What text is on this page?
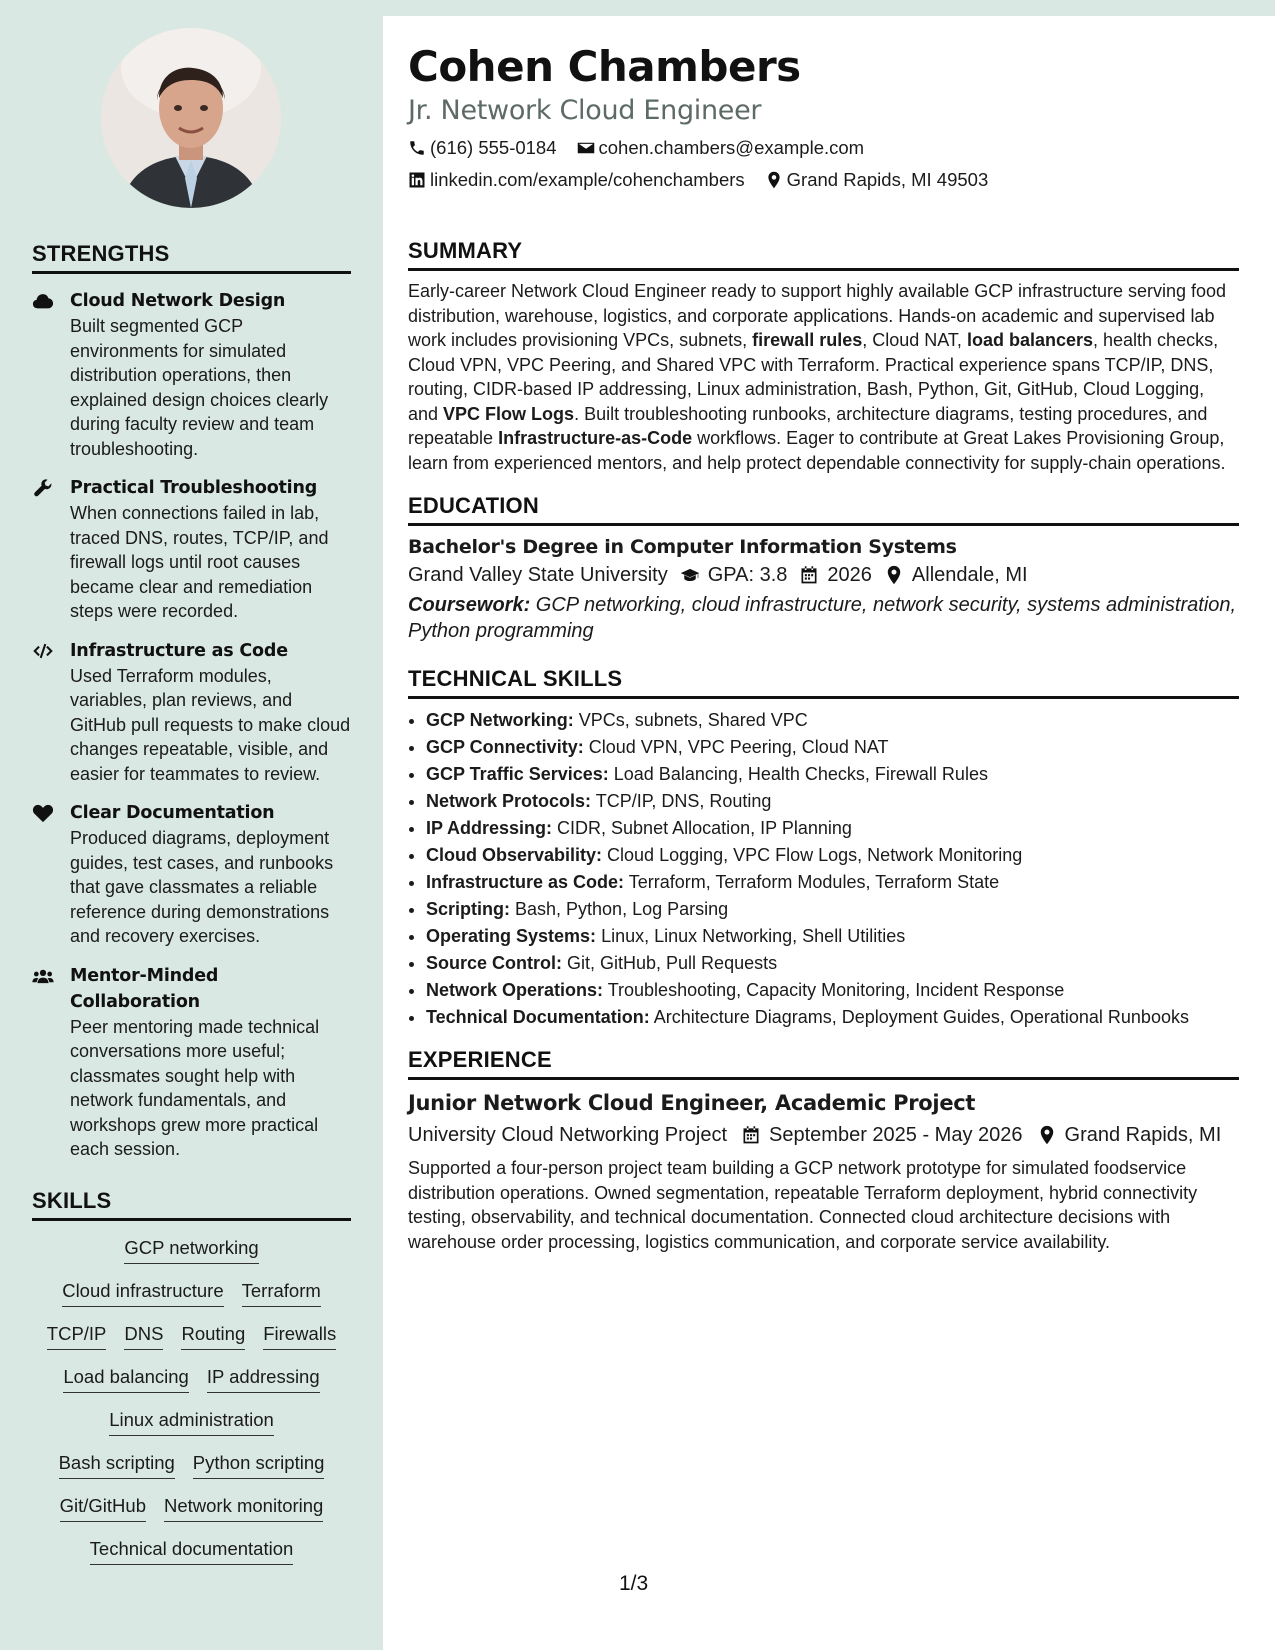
STRENGTHS
Cloud Network Design
Built segmented GCP environments for simulated distribution operations, then explained design choices clearly during faculty review and team troubleshooting.
Practical Troubleshooting
When connections failed in lab, traced DNS, routes, TCP/IP, and firewall logs until root causes became clear and remediation steps were recorded.
Infrastructure as Code
Used Terraform modules, variables, plan reviews, and GitHub pull requests to make cloud changes repeatable, visible, and easier for teammates to review.
Clear Documentation
Produced diagrams, deployment guides, test cases, and runbooks that gave classmates a reliable reference during demonstrations and recovery exercises.
Mentor-Minded Collaboration
Peer mentoring made technical conversations more useful; classmates sought help with network fundamentals, and workshops grew more practical each session.
SKILLS
GCP networking
Cloud infrastructure Terraform
TCP/IP DNS Routing Firewalls
Load balancing IP addressing
Linux administration
Bash scripting Python scripting
Git/GitHub Network monitoring
Technical documentation
Cohen Chambers
Jr. Network Cloud Engineer
(616) 555-0184 cohen.chambers@example.com
linkedin.com/example/cohenchambers Grand Rapids, MI 49503
SUMMARY
Early-career Network Cloud Engineer ready to support highly available GCP infrastructure serving food distribution, warehouse, logistics, and corporate applications. Hands-on academic and supervised lab work includes provisioning VPCs, subnets, firewall rules, Cloud NAT, load balancers, health checks, Cloud VPN, VPC Peering, and Shared VPC with Terraform. Practical experience spans TCP/IP, DNS, routing, CIDR-based IP addressing, Linux administration, Bash, Python, Git, GitHub, Cloud Logging, and VPC Flow Logs. Built troubleshooting runbooks, architecture diagrams, testing procedures, and repeatable Infrastructure-as-Code workflows. Eager to contribute at Great Lakes Provisioning Group, learn from experienced mentors, and help protect dependable connectivity for supply-chain operations.
EDUCATION
Bachelor's Degree in Computer Information Systems
Grand Valley State University GPA: 3.8 2026 Allendale, MI
Coursework: GCP networking, cloud infrastructure, network security, systems administration, Python programming
TECHNICAL SKILLS
• GCP Networking: VPCs, subnets, Shared VPC
• GCP Connectivity: Cloud VPN, VPC Peering, Cloud NAT
• GCP Traffic Services: Load Balancing, Health Checks, Firewall Rules
• Network Protocols: TCP/IP, DNS, Routing
• IP Addressing: CIDR, Subnet Allocation, IP Planning
• Cloud Observability: Cloud Logging, VPC Flow Logs, Network Monitoring
• Infrastructure as Code: Terraform, Terraform Modules, Terraform State
• Scripting: Bash, Python, Log Parsing
• Operating Systems: Linux, Linux Networking, Shell Utilities
• Source Control: Git, GitHub, Pull Requests
• Network Operations: Troubleshooting, Capacity Monitoring, Incident Response
• Technical Documentation: Architecture Diagrams, Deployment Guides, Operational Runbooks
EXPERIENCE
Junior Network Cloud Engineer, Academic Project
University Cloud Networking Project September 2025 - May 2026 Grand Rapids, MI
Supported a four-person project team building a GCP network prototype for simulated foodservice distribution operations. Owned segmentation, repeatable Terraform deployment, hybrid connectivity testing, observability, and technical documentation. Connected cloud architecture decisions with warehouse order processing, logistics communication, and corporate service availability.
1/3
